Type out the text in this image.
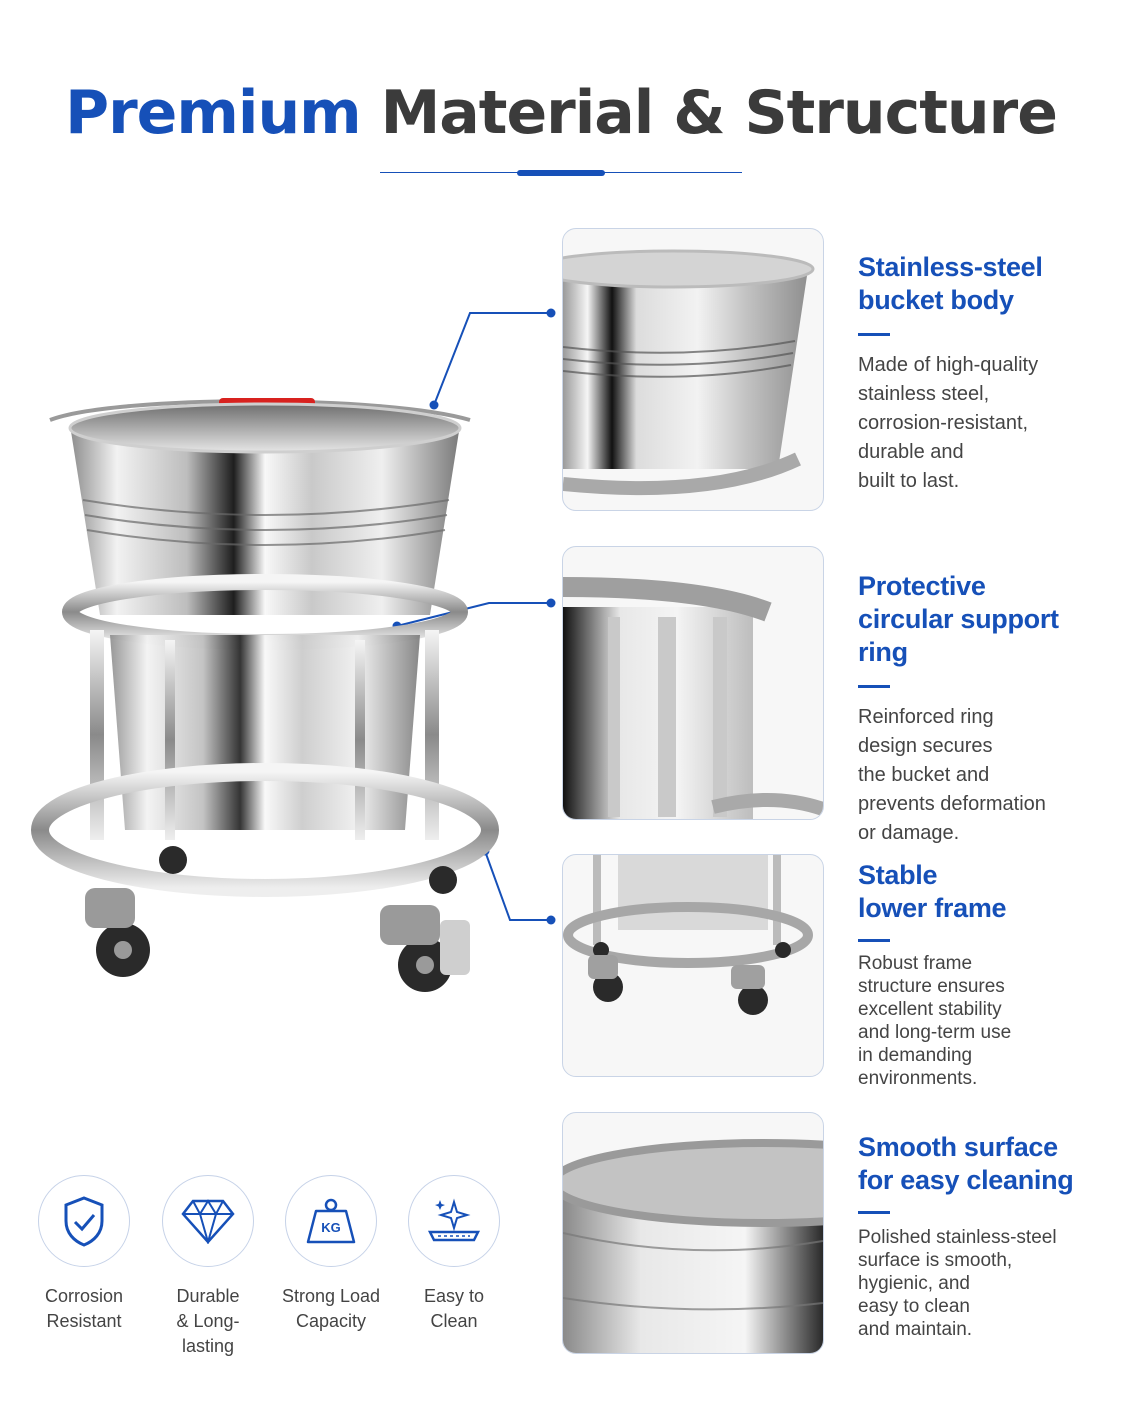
Premium Material & Structure
Stainless-steel
bucket body

Made of high-quality
stainless steel,
corrosion-resistant,
durable and
built to last.

Protective
circular support ring

Reinforced ring
design secures
the bucket and
prevents deformation
or damage.

Stable
lower frame

Robust frame
structure ensures
excellent stability
and long-term use
in demanding
environments.

Smooth surface
for easy cleaning

Polished stainless-steel
surface is smooth,
hygienic, and
easy to clean
and maintain.

Corrosion
Resistant
Durable
& Long-lasting
KG
Strong Load
Capacity
Easy to
Clean
